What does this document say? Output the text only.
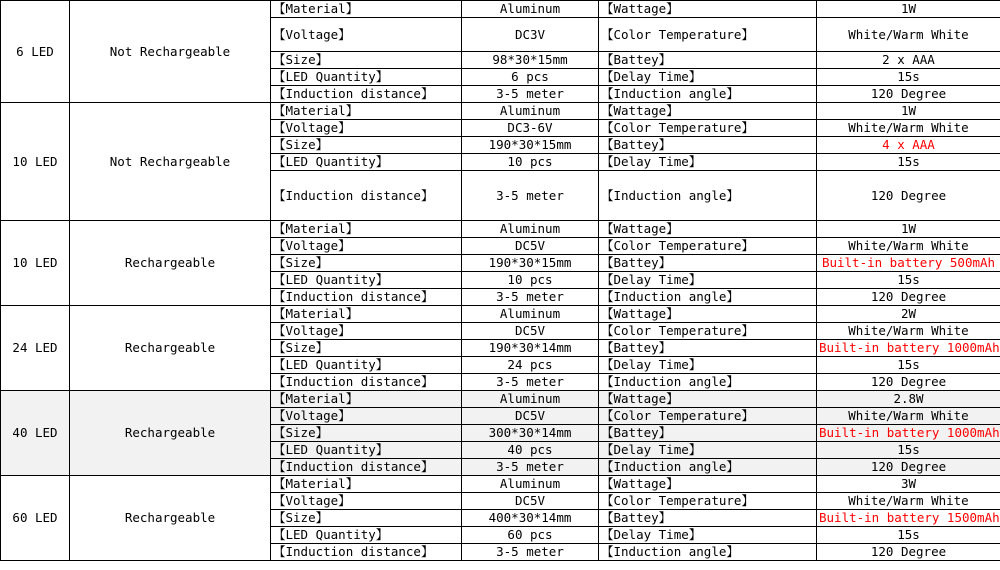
6 LED	Not Rechargeable	【Material】	Aluminum	【Wattage】	1W
		【Voltage】	DC3V	【Color Temperature】	White/Warm White
		【Size】	98*30*15mm	【Battey】	2 x AAA
		【LED Quantity】	6 pcs	【Delay Time】	15s
		【Induction distance】	3-5 meter	【Induction angle】	120 Degree
10 LED	Not Rechargeable	【Material】	Aluminum	【Wattage】	1W
		【Voltage】	DC3-6V	【Color Temperature】	White/Warm White
		【Size】	190*30*15mm	【Battey】	4 x AAA
		【LED Quantity】	10 pcs	【Delay Time】	15s
		【Induction distance】	3-5 meter	【Induction angle】	120 Degree
10 LED	Rechargeable	【Material】	Aluminum	【Wattage】	1W
		【Voltage】	DC5V	【Color Temperature】	White/Warm White
		【Size】	190*30*15mm	【Battey】	Built-in battery 500mAh
		【LED Quantity】	10 pcs	【Delay Time】	15s
		【Induction distance】	3-5 meter	【Induction angle】	120 Degree
24 LED	Rechargeable	【Material】	Aluminum	【Wattage】	2W
		【Voltage】	DC5V	【Color Temperature】	White/Warm White
		【Size】	190*30*14mm	【Battey】	Built-in battery 1000mAh
		【LED Quantity】	24 pcs	【Delay Time】	15s
		【Induction distance】	3-5 meter	【Induction angle】	120 Degree
40 LED	Rechargeable	【Material】	Aluminum	【Wattage】	2.8W
		【Voltage】	DC5V	【Color Temperature】	White/Warm White
		【Size】	300*30*14mm	【Battey】	Built-in battery 1000mAh
		【LED Quantity】	40 pcs	【Delay Time】	15s
		【Induction distance】	3-5 meter	【Induction angle】	120 Degree
60 LED	Rechargeable	【Material】	Aluminum	【Wattage】	3W
		【Voltage】	DC5V	【Color Temperature】	White/Warm White
		【Size】	400*30*14mm	【Battey】	Built-in battery 1500mAh
		【LED Quantity】	60 pcs	【Delay Time】	15s
		【Induction distance】	3-5 meter	【Induction angle】	120 Degree
